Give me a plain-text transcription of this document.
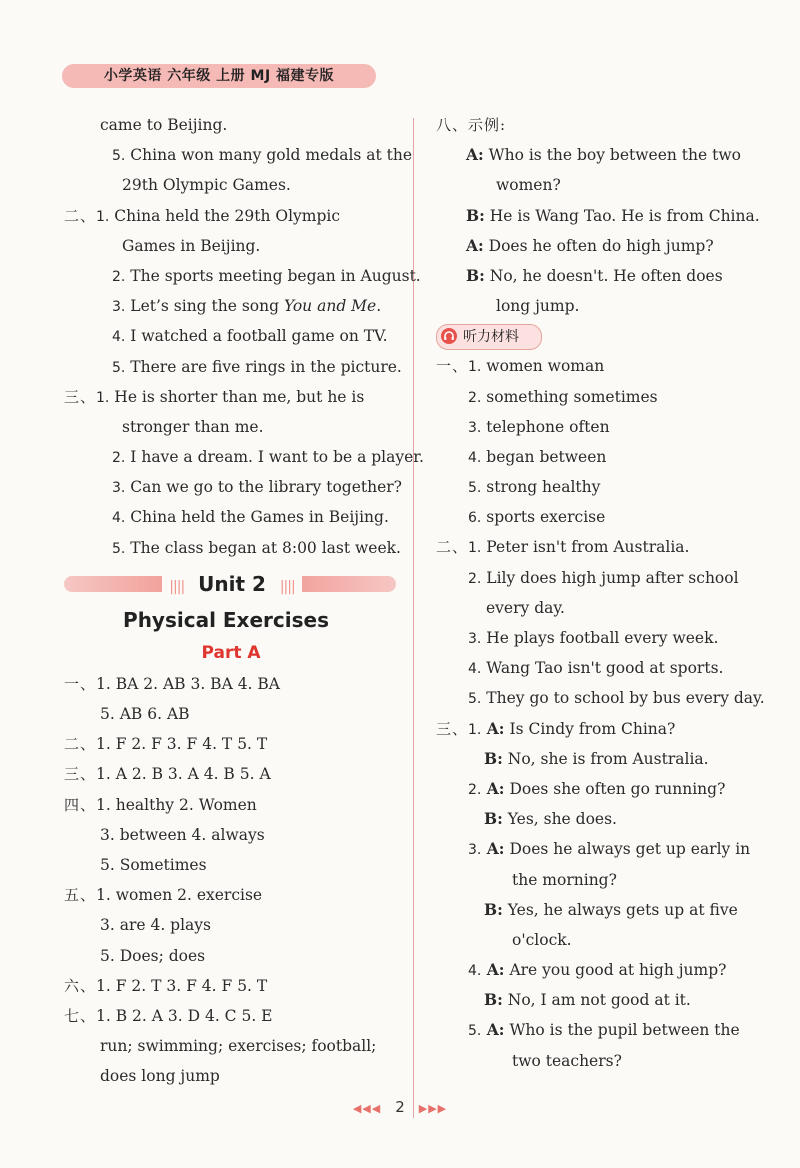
小学英语 六年级 上册 MJ 福建专版
came to Beijing.
5. China won many gold medals at the
29th Olympic Games.
二、1. China held the 29th Olympic
Games in Beijing.
2. The sports meeting began in August.
3. Let’s sing the song You and Me.
4. I watched a football game on TV.
5. There are five rings in the picture.
三、1. He is shorter than me, but he is
stronger than me.
2. I have a dream. I want to be a player.
3. Can we go to the library together?
4. China held the Games in Beijing.
5. The class began at 8:00 last week.
|||| Unit 2 ||||
Physical Exercises
Part A
一、1. BA 2. AB 3. BA 4. BA
5. AB 6. AB
二、1. F 2. F 3. F 4. T 5. T
三、1. A 2. B 3. A 4. B 5. A
四、1. healthy 2. Women
3. between 4. always
5. Sometimes
五、1. women 2. exercise
3. are 4. plays
5. Does; does
六、1. F 2. T 3. F 4. F 5. T
七、1. B 2. A 3. D 4. C 5. E
run; swimming; exercises; football;
does long jump
八、示例:
A: Who is the boy between the two
women?
B: He is Wang Tao. He is from China.
A: Does he often do high jump?
B: No, he doesn't. He often does
long jump.
听力材料
一、1. women woman
2. something sometimes
3. telephone often
4. began between
5. strong healthy
6. sports exercise
二、1. Peter isn't from Australia.
2. Lily does high jump after school
every day.
3. He plays football every week.
4. Wang Tao isn't good at sports.
5. They go to school by bus every day.
三、1. A: Is Cindy from China?
B: No, she is from Australia.
2. A: Does she often go running?
B: Yes, she does.
3. A: Does he always get up early in
the morning?
B: Yes, he always gets up at five
o'clock.
4. A: Are you good at high jump?
B: No, I am not good at it.
5. A: Who is the pupil between the
two teachers?
◀◀◀ 2 ▶▶▶
